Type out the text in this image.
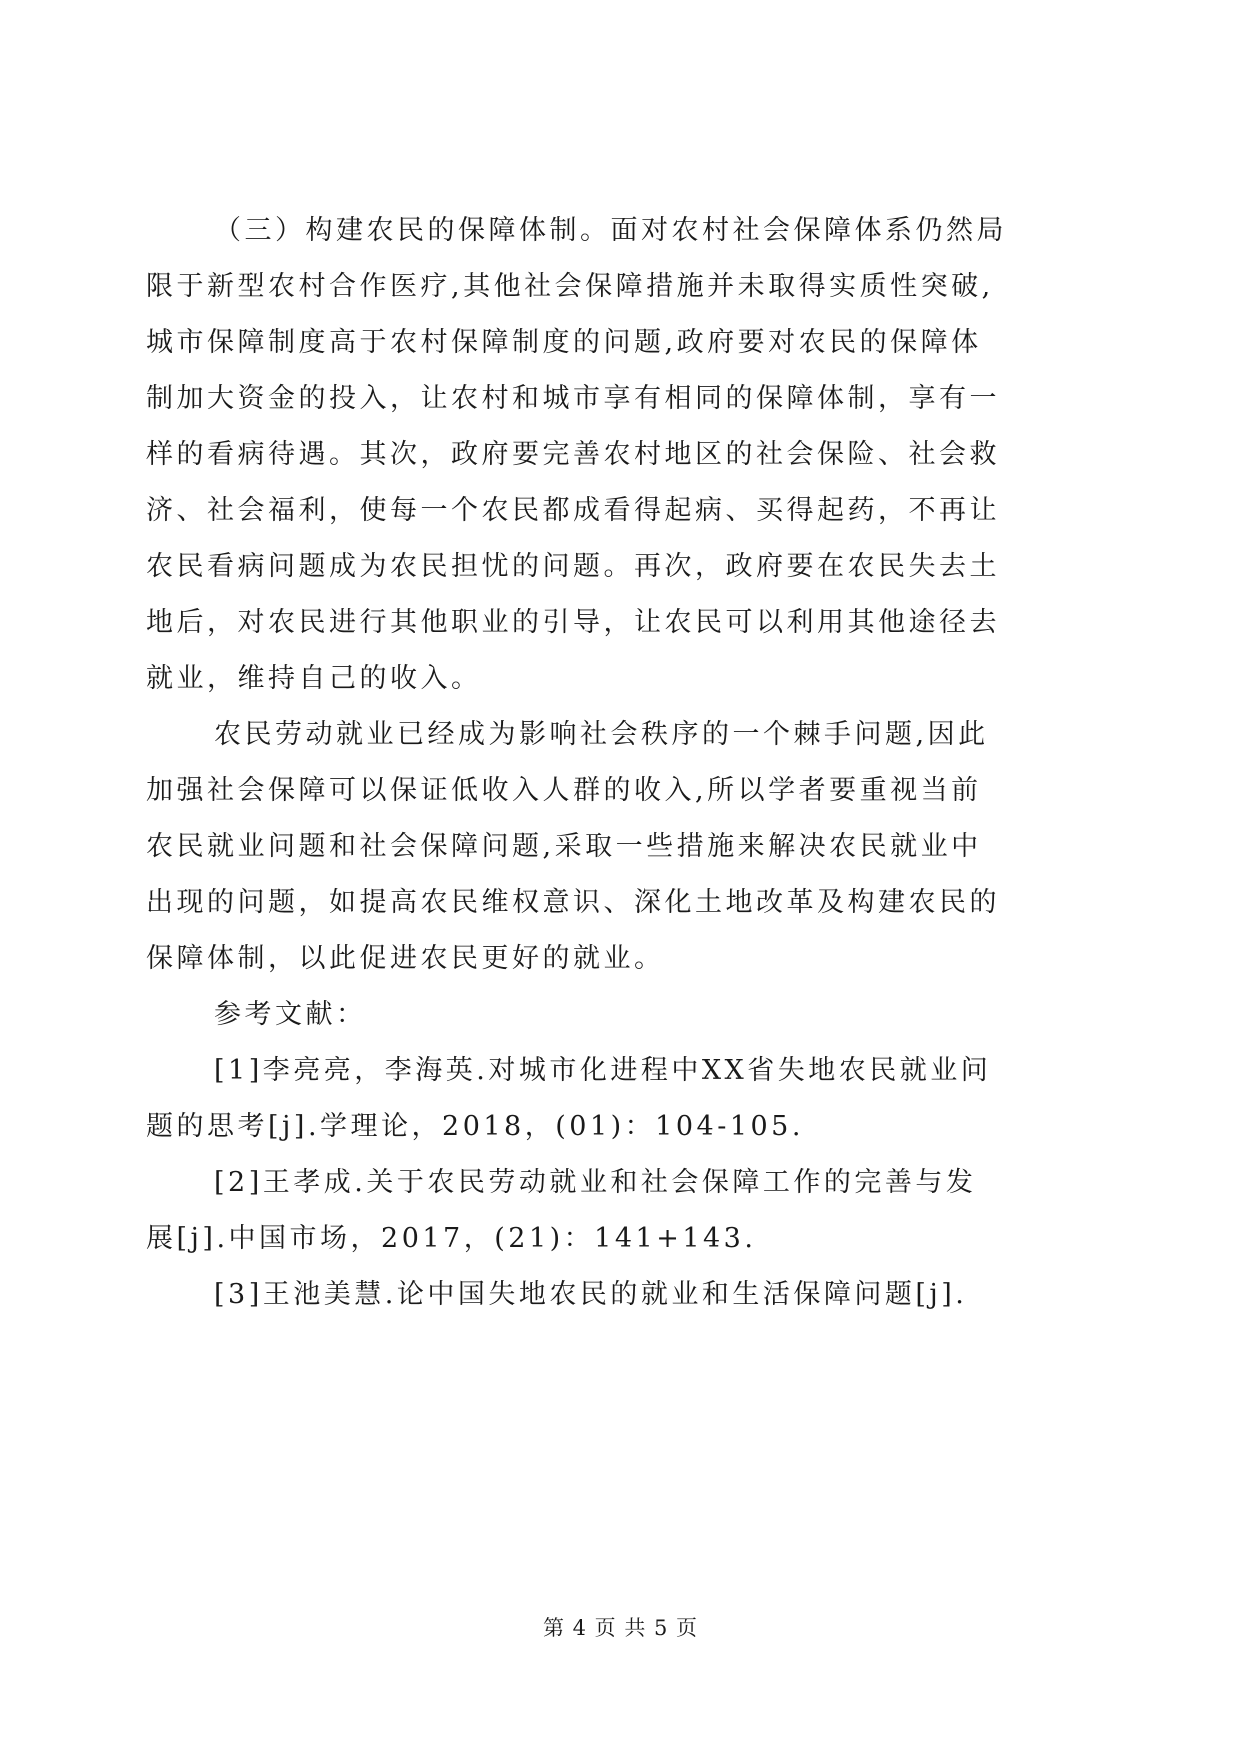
（三）构建农民的保障体制。面对农村社会保障体系仍然局
限于新型农村合作医疗,其他社会保障措施并未取得实质性突破,
城市保障制度高于农村保障制度的问题,政府要对农民的保障体
制加大资金的投入，让农村和城市享有相同的保障体制，享有一
样的看病待遇。其次，政府要完善农村地区的社会保险、社会救
济、社会福利，使每一个农民都成看得起病、买得起药，不再让
农民看病问题成为农民担忧的问题。再次，政府要在农民失去土
地后，对农民进行其他职业的引导，让农民可以利用其他途径去
就业，维持自己的收入。
农民劳动就业已经成为影响社会秩序的一个棘手问题,因此
加强社会保障可以保证低收入人群的收入,所以学者要重视当前
农民就业问题和社会保障问题,采取一些措施来解决农民就业中
出现的问题，如提高农民维权意识、深化土地改革及构建农民的
保障体制，以此促进农民更好的就业。
参考文献：
[1]李亮亮，李海英.对城市化进程中XX省失地农民就业问
题的思考[j].学理论，2018，(01)：104-105.
[2]王孝成.关于农民劳动就业和社会保障工作的完善与发
展[j].中国市场，2017，(21)：141+143.
[3]王池美慧.论中国失地农民的就业和生活保障问题[j].
第 4 页 共 5 页
